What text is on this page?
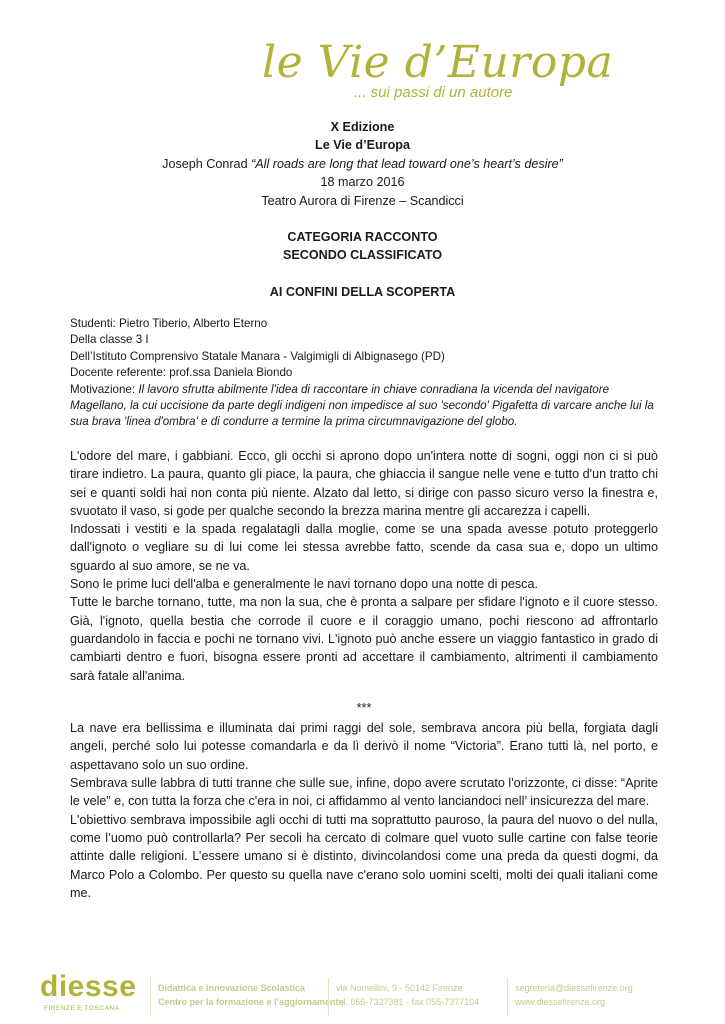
le Vie d’Europa
... sui passi di un autore
X Edizione
Le Vie d’Europa
Joseph Conrad “All roads are long that lead toward one’s heart’s desire”
18 marzo 2016
Teatro Aurora di Firenze – Scandicci
CATEGORIA RACCONTO
SECONDO CLASSIFICATO
AI CONFINI DELLA SCOPERTA
Studenti: Pietro Tiberio, Alberto Eterno
Della classe 3 I
Dell’Istituto Comprensivo Statale Manara - Valgimigli di Albignasego (PD)
Docente referente: prof.ssa Daniela Biondo
Motivazione: Il lavoro sfrutta abilmente l'idea di raccontare in chiave conradiana la vicenda del navigatore Magellano, la cui uccisione da parte degli indigeni non impedisce al suo 'secondo' Pigafetta di varcare anche lui la sua brava 'linea d'ombra' e di condurre a termine la prima circumnavigazione del globo.

L'odore del mare, i gabbiani. Ecco, gli occhi si aprono dopo un'intera notte di sogni, oggi non ci si può tirare indietro. La paura, quanto gli piace, la paura, che ghiaccia il sangue nelle vene e tutto d'un tratto chi sei e quanti soldi hai non conta più niente. Alzato dal letto, si dirige con passo sicuro verso la finestra e, svuotato il vaso, si gode per qualche secondo la brezza marina mentre gli accarezza i capelli.

Indossati i vestiti e la spada regalatagli dalla moglie, come se una spada avesse potuto proteggerlo dall'ignoto o vegliare su di lui come lei stessa avrebbe fatto, scende da casa sua e, dopo un ultimo sguardo al suo amore, se ne va.

Sono le prime luci dell'alba e generalmente le navi tornano dopo una notte di pesca.

Tutte le barche tornano, tutte, ma non la sua, che è pronta a salpare per sfidare l'ignoto e il cuore stesso. Già, l'ignoto, quella bestia che corrode il cuore e il coraggio umano, pochi riescono ad affrontarlo guardandolo in faccia e pochi ne tornano vivi. L'ignoto può anche essere un viaggio fantastico in grado di cambiarti dentro e fuori, bisogna essere pronti ad accettare il cambiamento, altrimenti il cambiamento sarà fatale all'anima.

***

La nave era bellissima e illuminata dai primi raggi del sole, sembrava ancora più bella, forgiata dagli angeli, perché solo lui potesse comandarla e da lì derivò il nome “Victoria”. Erano tutti là, nel porto, e aspettavano solo un suo ordine.

Sembrava sulle labbra di tutti tranne che sulle sue, infine, dopo avere scrutato l'orizzonte, ci disse: “Aprite le vele” e, con tutta la forza che c'era in noi, ci affidammo al vento lanciandoci nell’ insicurezza del mare.

L'obiettivo sembrava impossibile agli occhi di tutti ma soprattutto pauroso, la paura del nuovo o del nulla, come l’uomo può controllarla? Per secoli ha cercato di colmare quel vuoto sulle cartine con false teorie attinte dalle religioni. L’essere umano si è distinto, divincolandosi come una preda da questi dogmi, da Marco Polo a Colombo. Per questo su quella nave c'erano solo uomini scelti, molti dei quali italiani come me.

diesse
FIRENZE E TOSCANA
Didattica e Innovazione Scolastica
Centro per la formazione e l’aggiornamento
via Nomellini, 9 - 50142 Firenze
tel. 055-7327381 - fax 055-7377104
segreteria@diessefirenze.org
www.diessefirenze.org
